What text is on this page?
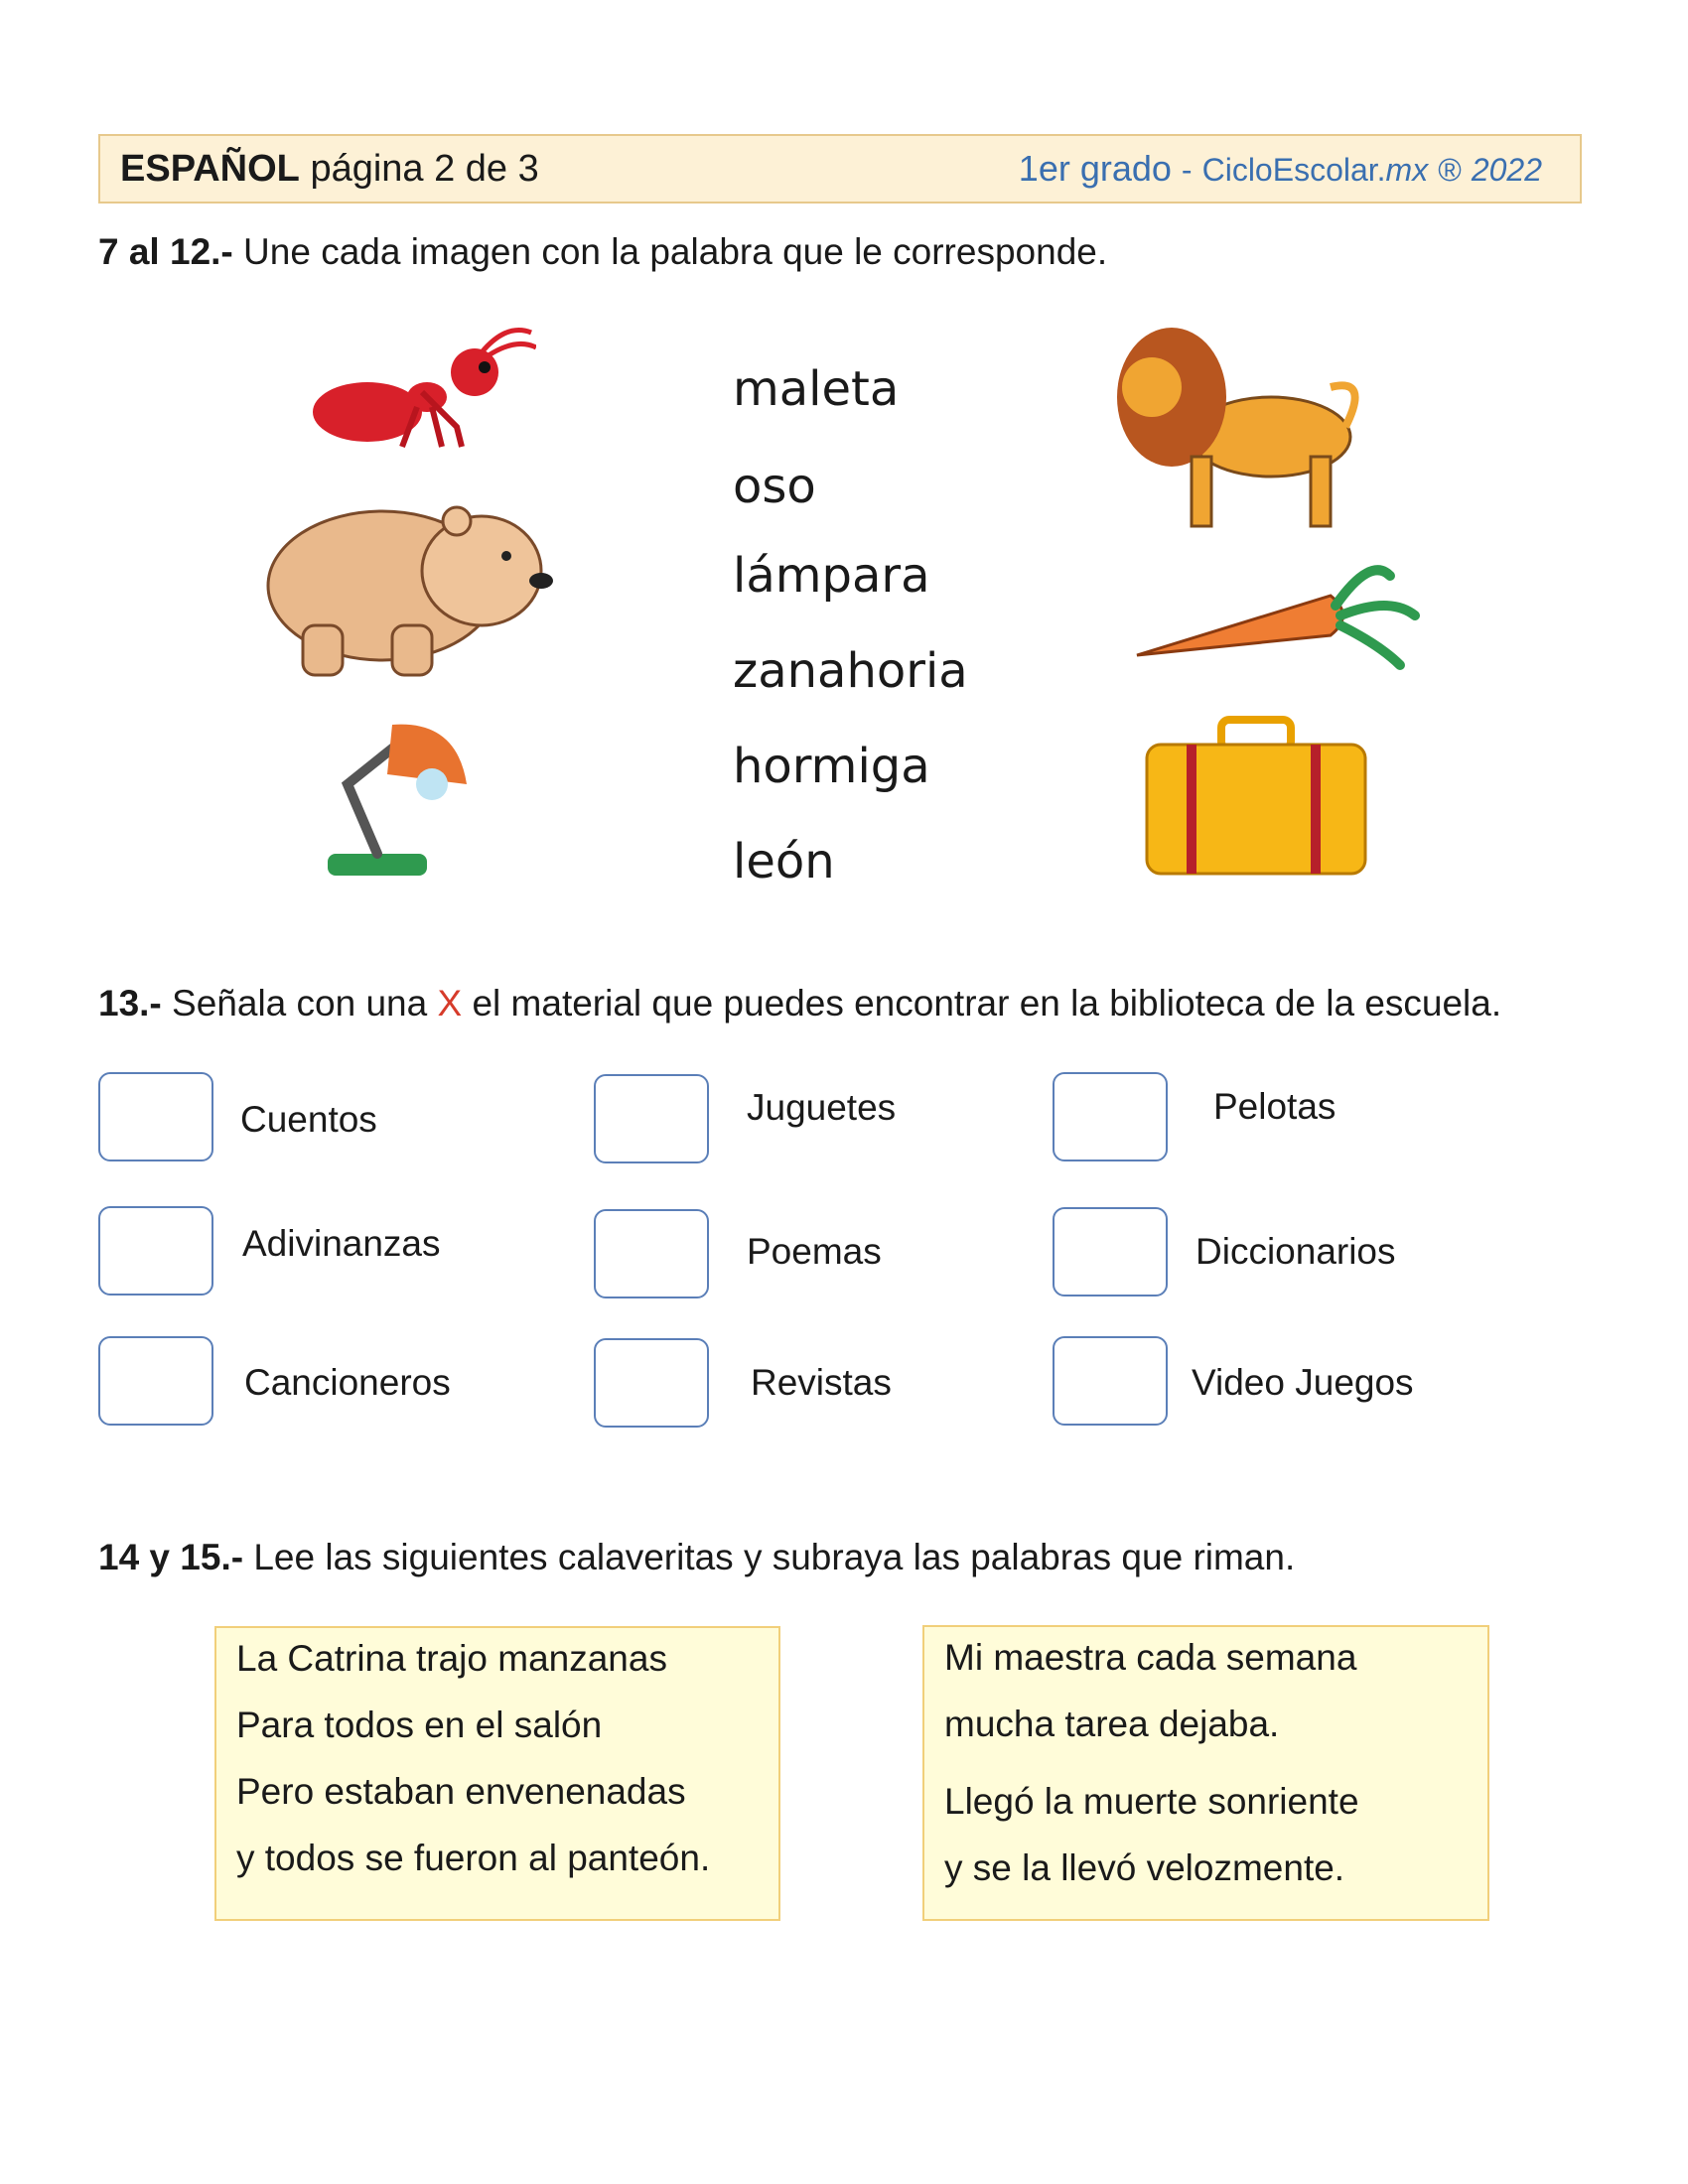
ESPAÑOL página 2 de 3	1er grado - CicloEscolar.mx ® 2022
7 al 12.- Une cada imagen con la palabra que le corresponde.
maleta
oso
lámpara
zanahoria
hormiga
león
13.- Señala con una X el material que puedes encontrar en la biblioteca de la escuela.
Cuentos	Juguetes	Pelotas
Adivinanzas	Poemas	Diccionarios
Cancioneros	Revistas	Video Juegos
14 y 15.- Lee las siguientes calaveritas y subraya las palabras que riman.
La Catrina trajo manzanas
Para todos en el salón
Pero estaban envenenadas
y todos se fueron al panteón.
Mi maestra cada semana
mucha tarea dejaba.
Llegó la muerte sonriente
y se la llevó velozmente.
